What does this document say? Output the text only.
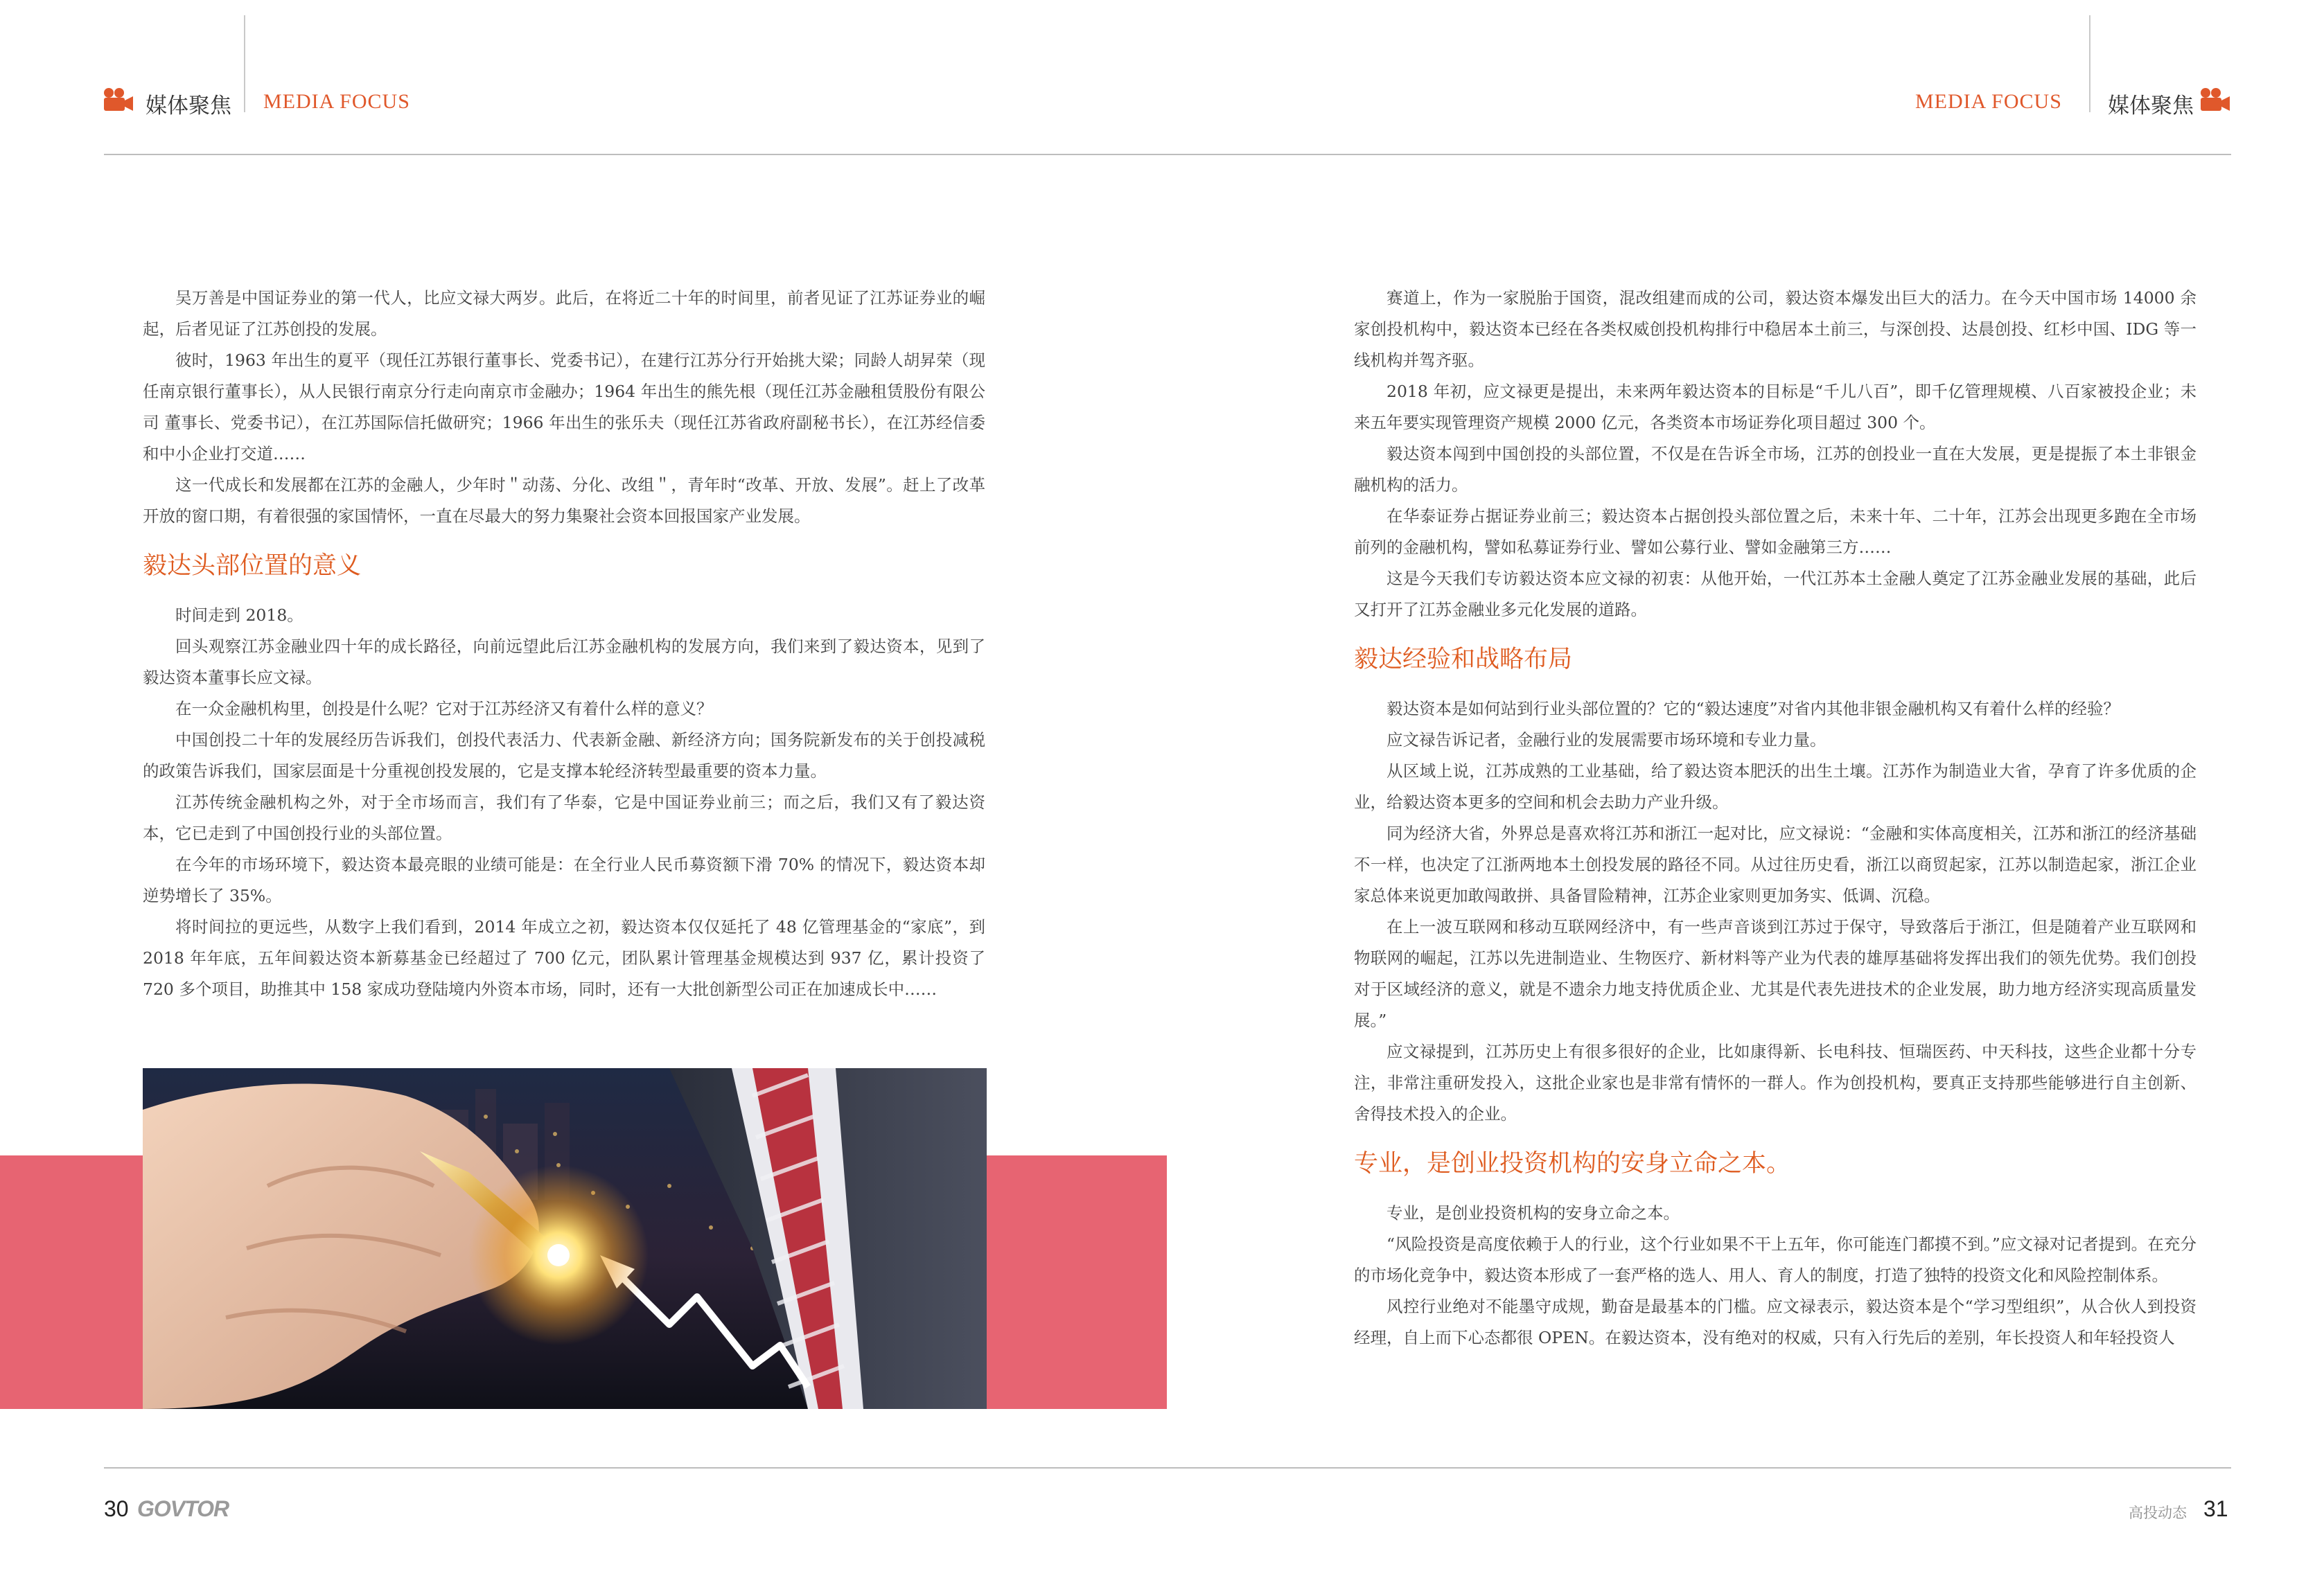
媒体聚焦 MEDIA FOCUS	MEDIA FOCUS 媒体聚焦

吴万善是中国证券业的第一代人，比应文禄大两岁。此后，在将近二十年的时间里，前者见证了江苏证券业的崛起，后者见证了江苏创投的发展。

彼时，1963 年出生的夏平（现任江苏银行董事长、党委书记），在建行江苏分行开始挑大梁；同龄人胡昇荣（现任南京银行董事长），从人民银行南京分行走向南京市金融办；1964 年出生的熊先根（现任江苏金融租赁股份有限公司 董事长、党委书记），在江苏国际信托做研究；1966 年出生的张乐夫（现任江苏省政府副秘书长），在江苏经信委和中小企业打交道……

这一代成长和发展都在江苏的金融人，少年时＂动荡、分化、改组＂，青年时“改革、开放、发展”。赶上了改革开放的窗口期，有着很强的家国情怀，一直在尽最大的努力集聚社会资本回报国家产业发展。

毅达头部位置的意义

时间走到 2018。

回头观察江苏金融业四十年的成长路径，向前远望此后江苏金融机构的发展方向，我们来到了毅达资本，见到了毅达资本董事长应文禄。

在一众金融机构里，创投是什么呢？它对于江苏经济又有着什么样的意义？

中国创投二十年的发展经历告诉我们，创投代表活力、代表新金融、新经济方向；国务院新发布的关于创投减税的政策告诉我们，国家层面是十分重视创投发展的，它是支撑本轮经济转型最重要的资本力量。

江苏传统金融机构之外，对于全市场而言，我们有了华泰，它是中国证券业前三；而之后，我们又有了毅达资本，它已走到了中国创投行业的头部位置。

在今年的市场环境下，毅达资本最亮眼的业绩可能是：在全行业人民币募资额下滑 70% 的情况下，毅达资本却逆势增长了 35%。

将时间拉的更远些，从数字上我们看到，2014 年成立之初，毅达资本仅仅延托了 48 亿管理基金的“家底”，到 2018 年年底，五年间毅达资本新募基金已经超过了 700 亿元，团队累计管理基金规模达到 937 亿，累计投资了 720 多个项目，助推其中 158 家成功登陆境内外资本市场，同时，还有一大批创新型公司正在加速成长中……

赛道上，作为一家脱胎于国资，混改组建而成的公司，毅达资本爆发出巨大的活力。在今天中国市场 14000 余家创投机构中，毅达资本已经在各类权威创投机构排行中稳居本土前三，与深创投、达晨创投、红杉中国、IDG 等一线机构并驾齐驱。

2018 年初，应文禄更是提出，未来两年毅达资本的目标是“千儿八百”，即千亿管理规模、八百家被投企业；未来五年要实现管理资产规模 2000 亿元，各类资本市场证券化项目超过 300 个。

毅达资本闯到中国创投的头部位置，不仅是在告诉全市场，江苏的创投业一直在大发展，更是提振了本土非银金融机构的活力。

在华泰证券占据证券业前三；毅达资本占据创投头部位置之后，未来十年、二十年，江苏会出现更多跑在全市场前列的金融机构，譬如私募证券行业、譬如公募行业、譬如金融第三方……

这是今天我们专访毅达资本应文禄的初衷：从他开始，一代江苏本土金融人奠定了江苏金融业发展的基础，此后又打开了江苏金融业多元化发展的道路。

毅达经验和战略布局

毅达资本是如何站到行业头部位置的？它的“毅达速度”对省内其他非银金融机构又有着什么样的经验？

应文禄告诉记者，金融行业的发展需要市场环境和专业力量。

从区域上说，江苏成熟的工业基础，给了毅达资本肥沃的出生土壤。江苏作为制造业大省，孕育了许多优质的企业，给毅达资本更多的空间和机会去助力产业升级。

同为经济大省，外界总是喜欢将江苏和浙江一起对比，应文禄说：“金融和实体高度相关，江苏和浙江的经济基础不一样，也决定了江浙两地本土创投发展的路径不同。从过往历史看，浙江以商贸起家，江苏以制造起家，浙江企业家总体来说更加敢闯敢拼、具备冒险精神，江苏企业家则更加务实、低调、沉稳。

在上一波互联网和移动互联网经济中，有一些声音谈到江苏过于保守，导致落后于浙江，但是随着产业互联网和物联网的崛起，江苏以先进制造业、生物医疗、新材料等产业为代表的雄厚基础将发挥出我们的领先优势。我们创投对于区域经济的意义，就是不遗余力地支持优质企业、尤其是代表先进技术的企业发展，助力地方经济实现高质量发展。”

应文禄提到，江苏历史上有很多很好的企业，比如康得新、长电科技、恒瑞医药、中天科技，这些企业都十分专注，非常注重研发投入，这批企业家也是非常有情怀的一群人。作为创投机构，要真正支持那些能够进行自主创新、舍得技术投入的企业。

专业，是创业投资机构的安身立命之本。

专业，是创业投资机构的安身立命之本。

“风险投资是高度依赖于人的行业，这个行业如果不干上五年，你可能连门都摸不到。”应文禄对记者提到。在充分的市场化竞争中，毅达资本形成了一套严格的选人、用人、育人的制度，打造了独特的投资文化和风险控制体系。

风控行业绝对不能墨守成规，勤奋是最基本的门槛。应文禄表示，毅达资本是个“学习型组织”，从合伙人到投资经理，自上而下心态都很 OPEN。在毅达资本，没有绝对的权威，只有入行先后的差别，年长投资人和年轻投资人

30 GOVTOR	高投动态 31
